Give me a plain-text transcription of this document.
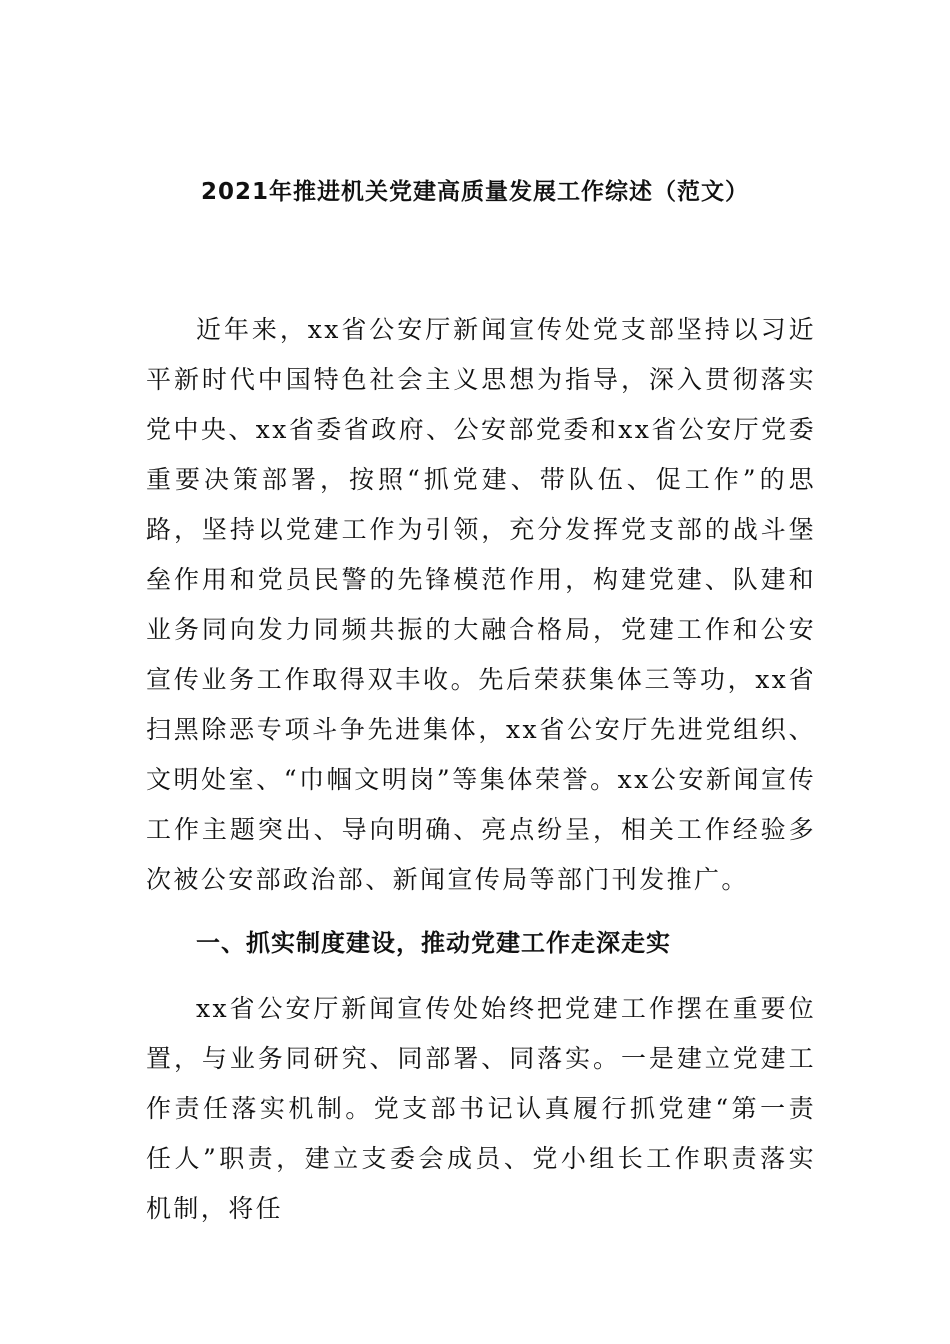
2021年推进机关党建高质量发展工作综述（范文）

近年来，xx省公安厅新闻宣传处党支部坚持以习近平新时代中国特色社会主义思想为指导，深入贯彻落实党中央、xx省委省政府、公安部党委和xx省公安厅党委重要决策部署，按照“抓党建、带队伍、促工作”的思路，坚持以党建工作为引领，充分发挥党支部的战斗堡垒作用和党员民警的先锋模范作用，构建党建、队建和业务同向发力同频共振的大融合格局，党建工作和公安宣传业务工作取得双丰收。先后荣获集体三等功，xx省扫黑除恶专项斗争先进集体，xx省公安厅先进党组织、文明处室、“巾帼文明岗”等集体荣誉。xx公安新闻宣传工作主题突出、导向明确、亮点纷呈，相关工作经验多次被公安部政治部、新闻宣传局等部门刊发推广。

一、抓实制度建设，推动党建工作走深走实

xx省公安厅新闻宣传处始终把党建工作摆在重要位置，与业务同研究、同部署、同落实。一是建立党建工作责任落实机制。党支部书记认真履行抓党建“第一责任人”职责，建立支委会成员、党小组长工作职责落实机制，将任
